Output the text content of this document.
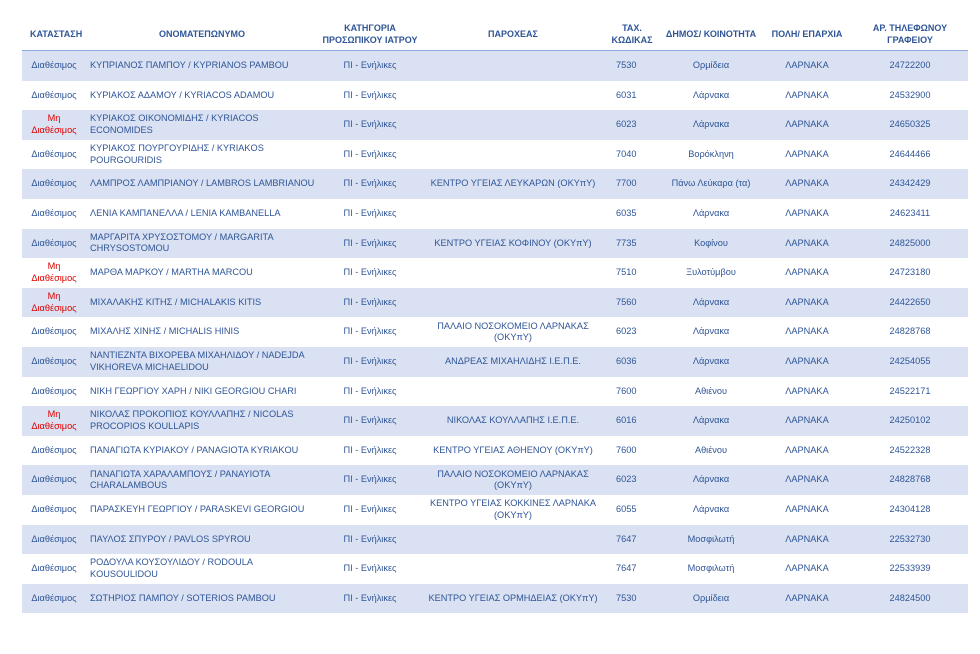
ΚΑΤΑΣΤΑΣΗ	ΟΝΟΜΑΤΕΠΩΝΥΜΟ	ΚΑΤΗΓΟΡΙΑ ΠΡΟΣΩΠΙΚΟΥ ΙΑΤΡΟΥ	ΠΑΡΟΧΕΑΣ	ΤΑΧ. ΚΩΔΙΚΑΣ	ΔΗΜΟΣ/ ΚΟΙΝΟΤΗΤΑ	ΠΟΛΗ/ ΕΠΑΡΧΙΑ	ΑΡ. ΤΗΛΕΦΩΝΟΥ ΓΡΑΦΕΙΟΥ
Διαθέσιμος	ΚΥΠΡΙΑΝΟΣ ΠΑΜΠΟΥ / KYPRIANOS PAMBOU	ΠΙ - Ενήλικες		7530	Ορμίδεια	ΛΑΡΝΑΚΑ	24722200
Διαθέσιμος	ΚΥΡΙΑΚΟΣ ΑΔΑΜΟΥ / KYRIACOS ADAMOU	ΠΙ - Ενήλικες		6031	Λάρνακα	ΛΑΡΝΑΚΑ	24532900
Μη Διαθέσιμος	ΚΥΡΙΑΚΟΣ ΟΙΚΟΝΟΜΙΔΗΣ / KYRIACOS ECONOMIDES	ΠΙ - Ενήλικες		6023	Λάρνακα	ΛΑΡΝΑΚΑ	24650325
Διαθέσιμος	ΚΥΡΙΑΚΟΣ ΠΟΥΡΓΟΥΡΙΔΗΣ / KYRIAKOS POURGOURIDIS	ΠΙ - Ενήλικες		7040	Βορόκληνη	ΛΑΡΝΑΚΑ	24644466
Διαθέσιμος	ΛΑΜΠΡΟΣ ΛΑΜΠΡΙΑΝΟΥ / LAMBROS LAMBRIANOU	ΠΙ - Ενήλικες	ΚΕΝΤΡΟ ΥΓΕΙΑΣ ΛΕΥΚΑΡΩΝ (ΟΚΥπΥ)	7700	Πάνω Λεύκαρα (τα)	ΛΑΡΝΑΚΑ	24342429
Διαθέσιμος	ΛΕΝΙΑ ΚΑΜΠΑΝΕΛΛΑ / LENIA KAMBANELLA	ΠΙ - Ενήλικες		6035	Λάρνακα	ΛΑΡΝΑΚΑ	24623411
Διαθέσιμος	ΜΑΡΓΑΡΙΤΑ ΧΡΥΣΟΣΤΟΜΟΥ / MARGARITA CHRYSOSTOMOU	ΠΙ - Ενήλικες	ΚΕΝΤΡΟ ΥΓΕΙΑΣ ΚΟΦΙΝΟΥ (ΟΚΥπΥ)	7735	Κοφίνου	ΛΑΡΝΑΚΑ	24825000
Μη Διαθέσιμος	ΜΑΡΘΑ ΜΑΡΚΟΥ / MARTHA MARCOU	ΠΙ - Ενήλικες		7510	Ξυλοτύμβου	ΛΑΡΝΑΚΑ	24723180
Μη Διαθέσιμος	ΜΙΧΑΛΑΚΗΣ ΚΙΤΗΣ / MICHALAKIS KITIS	ΠΙ - Ενήλικες		7560	Λάρνακα	ΛΑΡΝΑΚΑ	24422650
Διαθέσιμος	ΜΙΧΑΛΗΣ ΧΙΝΗΣ / MICHALIS HINIS	ΠΙ - Ενήλικες	ΠΑΛΑΙΟ ΝΟΣΟΚΟΜΕΙΟ ΛΑΡΝΑΚΑΣ (ΟΚΥπΥ)	6023	Λάρνακα	ΛΑΡΝΑΚΑ	24828768
Διαθέσιμος	ΝΑΝΤΙΕΖΝΤΑ ΒΙΧΟΡΕΒΑ ΜΙΧΑΗΛΙΔΟΥ / NADEJDA VIKHOREVA MICHAELIDOU	ΠΙ - Ενήλικες	ΑΝΔΡΕΑΣ ΜΙΧΑΗΛΙΔΗΣ Ι.Ε.Π.Ε.	6036	Λάρνακα	ΛΑΡΝΑΚΑ	24254055
Διαθέσιμος	ΝΙΚΗ ΓΕΩΡΓΙΟΥ ΧΑΡΗ / NIKI GEORGIOU CHARI	ΠΙ - Ενήλικες		7600	Αθιένου	ΛΑΡΝΑΚΑ	24522171
Μη Διαθέσιμος	ΝΙΚΟΛΑΣ ΠΡΟΚΟΠΙΟΣ ΚΟΥΛΛΑΠΗΣ / NICOLAS PROCOPIOS KOULLAPIS	ΠΙ - Ενήλικες	ΝΙΚΟΛΑΣ ΚΟΥΛΛΑΠΗΣ Ι.Ε.Π.Ε.	6016	Λάρνακα	ΛΑΡΝΑΚΑ	24250102
Διαθέσιμος	ΠΑΝΑΓΙΩΤΑ ΚΥΡΙΑΚΟΥ / PANAGIOTA KYRIAKOU	ΠΙ - Ενήλικες	ΚΕΝΤΡΟ ΥΓΕΙΑΣ ΑΘΗΕΝΟΥ (ΟΚΥπΥ)	7600	Αθιένου	ΛΑΡΝΑΚΑ	24522328
Διαθέσιμος	ΠΑΝΑΓΙΩΤΑ ΧΑΡΑΛΑΜΠΟΥΣ / PANAYIOTA CHARALAMBOUS	ΠΙ - Ενήλικες	ΠΑΛΑΙΟ ΝΟΣΟΚΟΜΕΙΟ ΛΑΡΝΑΚΑΣ (ΟΚΥπΥ)	6023	Λάρνακα	ΛΑΡΝΑΚΑ	24828768
Διαθέσιμος	ΠΑΡΑΣΚΕΥΗ ΓΕΩΡΓΙΟΥ / PARASKEVI GEORGIOU	ΠΙ - Ενήλικες	ΚΕΝΤΡΟ ΥΓΕΙΑΣ ΚΟΚΚΙΝΕΣ ΛΑΡΝΑΚΑ (ΟΚΥπΥ)	6055	Λάρνακα	ΛΑΡΝΑΚΑ	24304128
Διαθέσιμος	ΠΑΥΛΟΣ ΣΠΥΡΟΥ / PAVLOS SPYROU	ΠΙ - Ενήλικες		7647	Μοσφιλωτή	ΛΑΡΝΑΚΑ	22532730
Διαθέσιμος	ΡΟΔΟΥΛΑ ΚΟΥΣΟΥΛΙΔΟΥ / RODOULA KOUSOULIDOU	ΠΙ - Ενήλικες		7647	Μοσφιλωτή	ΛΑΡΝΑΚΑ	22533939
Διαθέσιμος	ΣΩΤΗΡΙΟΣ ΠΑΜΠΟΥ / SOTERIOS PAMBOU	ΠΙ - Ενήλικες	ΚΕΝΤΡΟ ΥΓΕΙΑΣ ΟΡΜΗΔΕΙΑΣ (ΟΚΥπΥ)	7530	Ορμίδεια	ΛΑΡΝΑΚΑ	24824500
